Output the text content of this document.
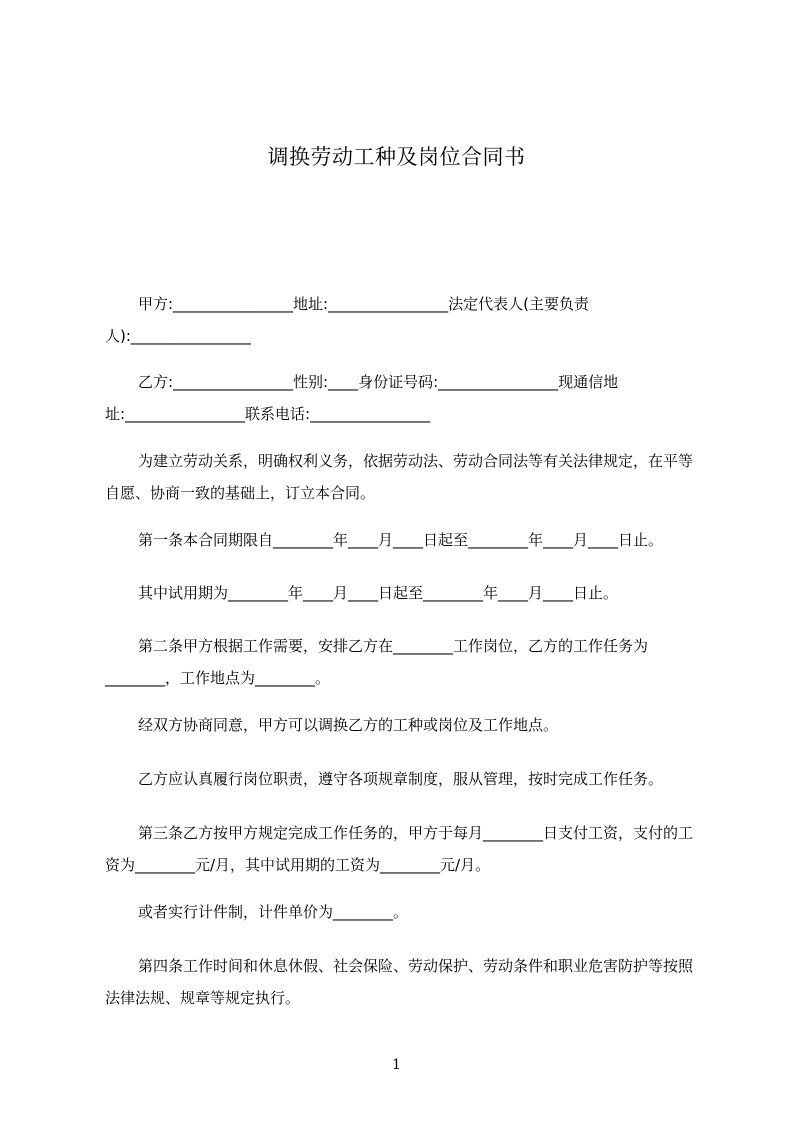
调换劳动工种及岗位合同书

甲方:________________地址:________________法定代表人(主要负责人):________________

乙方:________________性别:____身份证号码:________________现通信地址:________________联系电话:________________

为建立劳动关系，明确权利义务，依据劳动法、劳动合同法等有关法律规定，在平等自愿、协商一致的基础上，订立本合同。

第一条本合同期限自________年____月____日起至________年____月____日止。

其中试用期为________年____月____日起至________年____月____日止。

第二条甲方根据工作需要，安排乙方在________工作岗位，乙方的工作任务为________，工作地点为________。

经双方协商同意，甲方可以调换乙方的工种或岗位及工作地点。

乙方应认真履行岗位职责，遵守各项规章制度，服从管理，按时完成工作任务。

第三条乙方按甲方规定完成工作任务的，甲方于每月________日支付工资，支付的工资为________元/月，其中试用期的工资为________元/月。

或者实行计件制，计件单价为________。

第四条工作时间和休息休假、社会保险、劳动保护、劳动条件和职业危害防护等按照法律法规、规章等规定执行。

1
